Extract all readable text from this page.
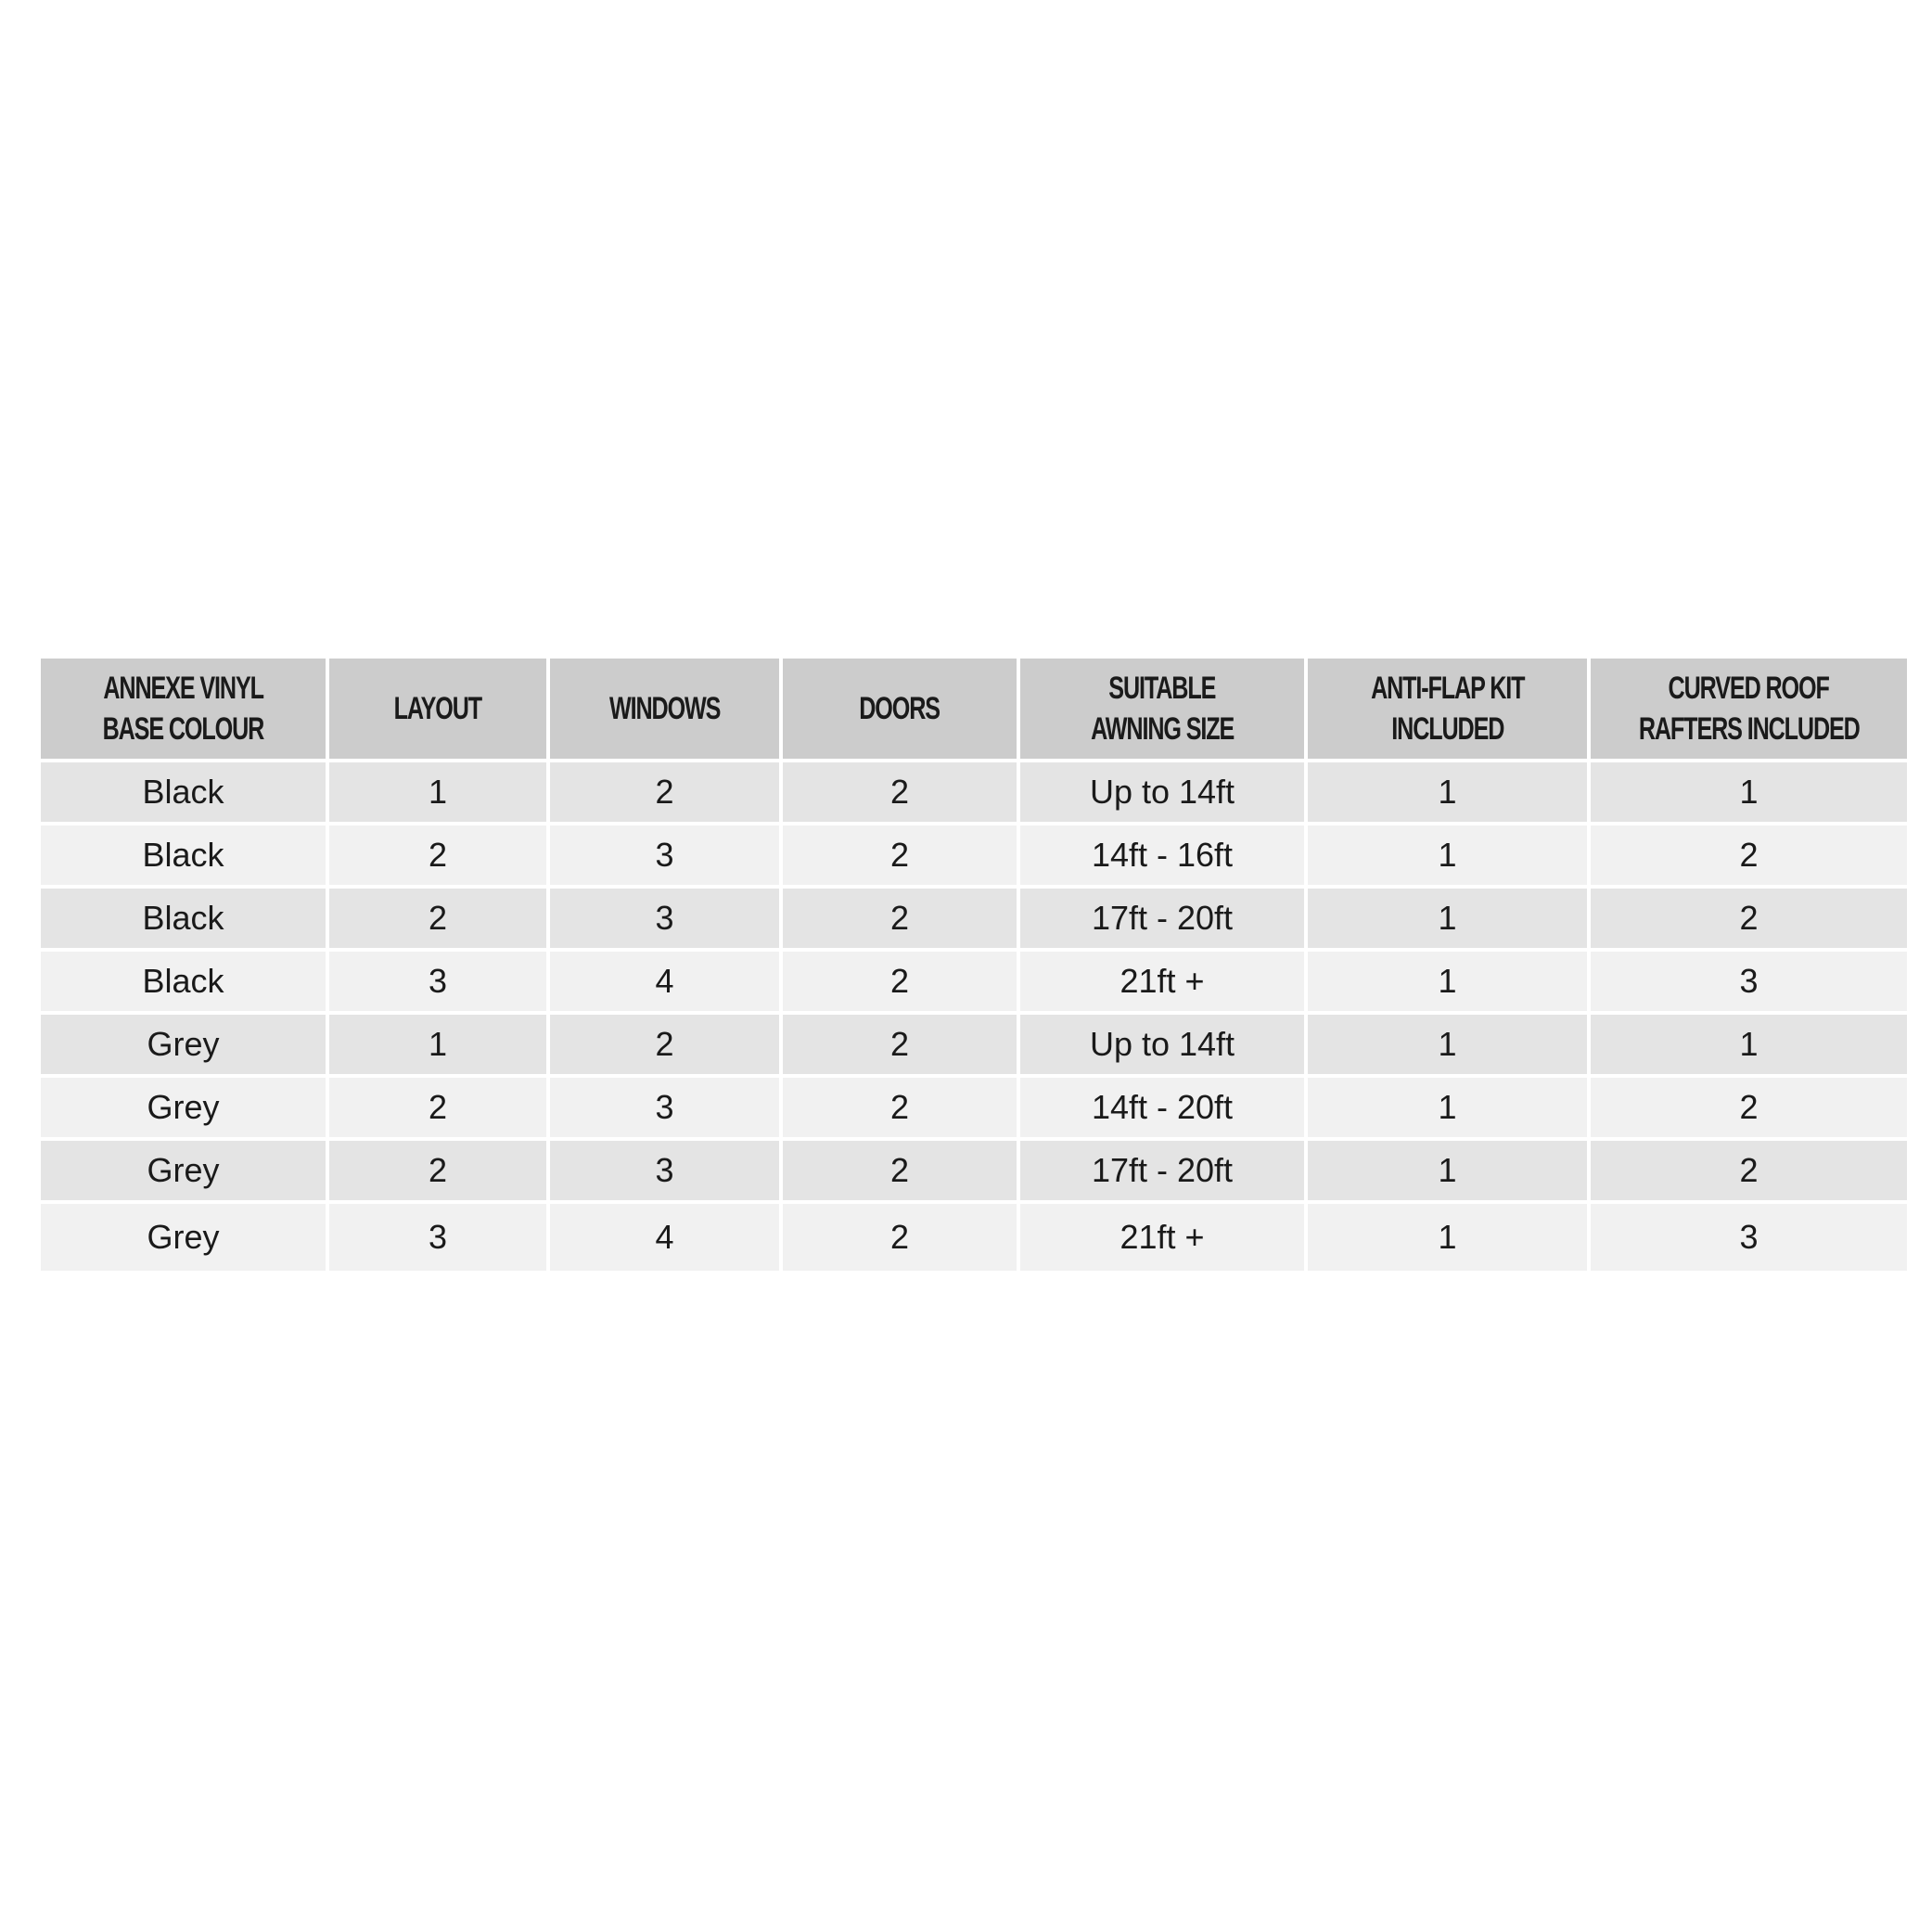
ANNEXE VINYLBASE COLOUR	LAYOUT	WINDOWS	DOORS	SUITABLEAWNING SIZE	ANTI-FLAP KITINCLUDED	CURVED ROOFRAFTERS INCLUDED
Black	1	2	2	Up to 14ft	1	1
Black	2	3	2	14ft - 16ft	1	2
Black	2	3	2	17ft - 20ft	1	2
Black	3	4	2	21ft +	1	3
Grey	1	2	2	Up to 14ft	1	1
Grey	2	3	2	14ft - 20ft	1	2
Grey	2	3	2	17ft - 20ft	1	2
Grey	3	4	2	21ft +	1	3
